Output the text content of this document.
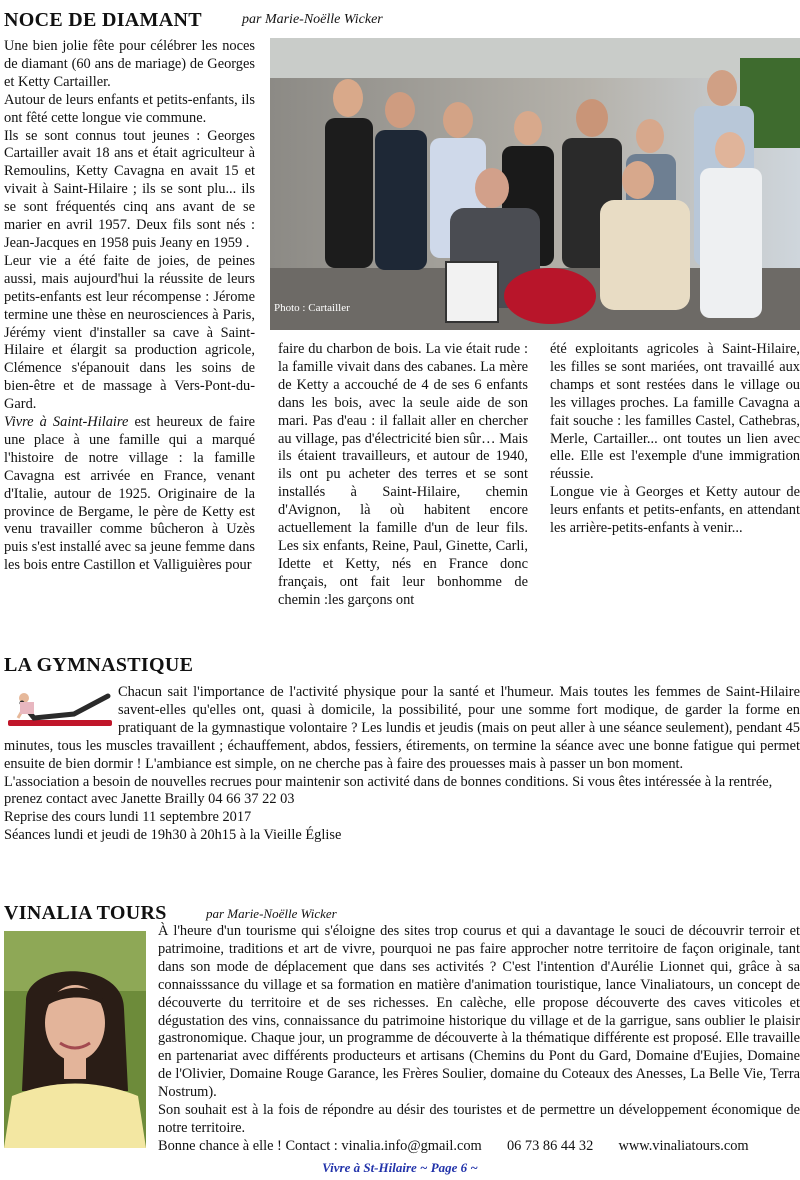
NOCE DE DIAMANT	par Marie-Noëlle Wicker

Une bien jolie fête pour célébrer les noces de diamant (60 ans de mariage) de Georges et Ketty Cartailler.

Autour de leurs enfants et petits-enfants, ils ont fêté cette longue vie commune.

Ils se sont connus tout jeunes : Georges Cartailler avait 18 ans et était agriculteur à Remoulins, Ketty Cavagna en avait 15 et vivait à Saint-Hilaire ; ils se sont plu... ils se sont fréquentés cinq ans avant de se marier en avril 1957. Deux fils sont nés : Jean-Jacques en 1958 puis Jeany en 1959 .

Leur vie a été faite de joies, de peines aussi, mais aujourd'hui la réussite de leurs petits-enfants est leur récompense : Jérome termine une thèse en neurosciences à Paris, Jérémy vient d'installer sa cave à Saint-Hilaire et élargit sa production agricole, Clémence s'épanouit dans les soins de bien-être et de massage à Vers-Pont-du-Gard.

Vivre à Saint-Hilaire est heureux de faire une place à une famille qui a marqué l'histoire de notre village : la famille Cavagna est arrivée en France, venant d'Italie, autour de 1925. Originaire de la province de Bergame, le père de Ketty est venu travailler comme bûcheron à Uzès puis s'est installé avec sa jeune femme dans les bois entre Castillon et Valliguières pour

Photo : Cartailler

faire du charbon de bois. La vie était rude : la famille vivait dans des cabanes. La mère de Ketty a accouché de 4 de ses 6 enfants dans les bois, avec la seule aide de son mari. Pas d'eau : il fallait aller en chercher au village, pas d'électricité bien sûr… Mais ils étaient travailleurs, et autour de 1940, ils ont pu acheter des terres et se sont installés à Saint-Hilaire, chemin d'Avignon, là où habitent encore actuellement la famille d'un de leur fils. Les six enfants, Reine, Paul, Ginette, Carli, Idette et Ketty, nés en France donc français, ont fait leur bonhomme de chemin :les garçons ont

été exploitants agricoles à Saint-Hilaire, les filles se sont mariées, ont travaillé aux champs et sont restées dans le village ou les villages proches. La famille Cavagna a fait souche : les familles Castel, Cathebras, Merle, Cartailler... ont toutes un lien avec elle. Elle est l'exemple d'une immigration réussie.

Longue vie à Georges et Ketty autour de leurs enfants et petits-enfants, en attendant les arrière-petits-enfants à venir...

LA GYMNASTIQUE
Chacun sait l'importance de l'activité physique pour la santé et l'humeur. Mais toutes les femmes de Saint-Hilaire savent-elles qu'elles ont, quasi à domicile, la possibilité, pour une somme fort modique, de garder la forme en pratiquant de la gymnastique volontaire ? Les lundis et jeudis (mais on peut aller à une séance seulement), pendant 45 minutes, tous les muscles travaillent ; échauffement, abdos, fessiers, étirements, on termine la séance avec une bonne fatigue qui permet ensuite de bien dormir ! L'ambiance est simple, on ne cherche pas à faire des prouesses mais à passer un bon moment.
L'association a besoin de nouvelles recrues pour maintenir son activité dans de bonnes conditions. Si vous êtes intéressée à la rentrée, prenez contact avec Janette Brailly 04 66 37 22 03
Reprise des cours lundi 11 septembre 2017
Séances lundi et jeudi de 19h30 à 20h15 à la Vieille Église
VINALIA TOURS	par Marie-Noëlle Wicker

À l'heure d'un tourisme qui s'éloigne des sites trop courus et qui a davantage le souci de découvrir terroir et patrimoine, traditions et art de vivre, pourquoi ne pas faire approcher notre territoire de façon originale, tant dans son mode de déplacement que dans ses activités ? C'est l'intention d'Aurélie Lionnet qui, grâce à sa connaisssance du village et sa formation en matière d'animation touristique, lance Vinaliatours, un concept de découverte du territoire et de ses richesses. En calèche, elle propose découverte des caves viticoles et dégustation des vins, connaissance du patrimoine historique du village et de la garrigue, sans oublier le plaisir gastronomique. Chaque jour, un programme de découverte à la thématique différente est proposé. Elle travaille en partenariat avec différents producteurs et artisans (Chemins du Pont du Gard, Domaine d'Eujies, Domaine de l'Olivier, Domaine Rouge Garance, les Frères Soulier, domaine du Coteaux des Anesses, La Belle Vie, Terra Nostrum).

Son souhait est à la fois de répondre au désir des touristes et de permettre un développement économique de notre territoire.

Bonne chance à elle ! Contact : vinalia.info@gmail.com 06 73 86 44 32 www.vinaliatours.com

Vivre à St-Hilaire ~ Page 6 ~
